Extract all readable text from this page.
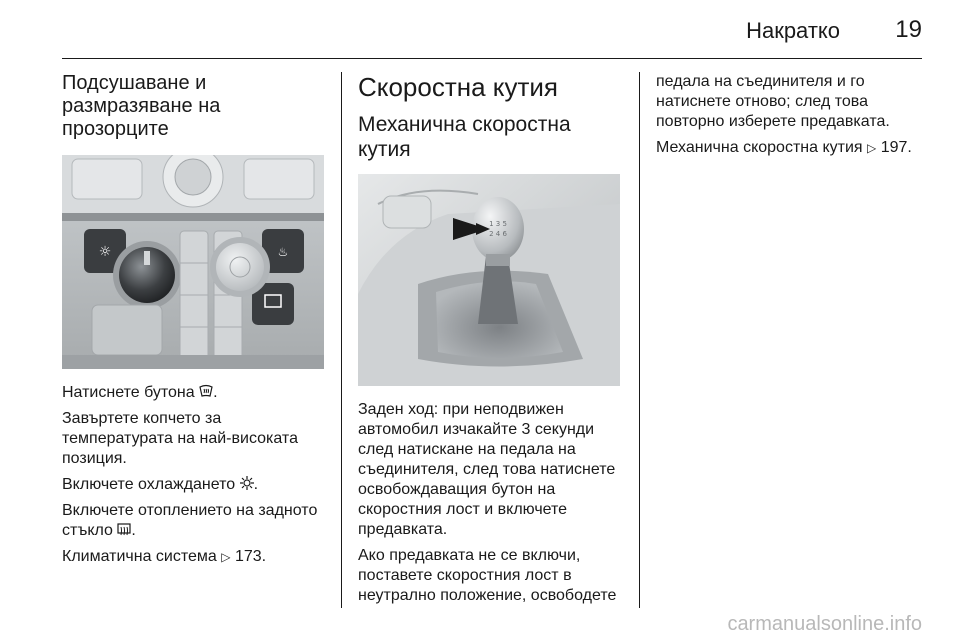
Накратко 19
Подсушаване и размразяване на прозорците
☼	♨

Натиснете бутона .

Завъртете копчето за температурата на най-високата позиция.

Включете охлаждането .

Включете отоплението на задното стъкло .

Климатична система ▷ 173.

Скоростна кутия
Механична скоростна кутия
1 3 5
2 4 6

Заден ход: при неподвижен автомобил изчакайте 3 секунди след натискане на педала на съединителя, след това натиснете освобождаващия бутон на скоростния лост и включете предавката.

Ако предавката не се включи, поставете скоростния лост в неутрално положение, освободете

педала на съединителя и го натиснете отново; след това повторно изберете предавката.

Механична скоростна кутия ▷ 197.

carmanualsonline.info
